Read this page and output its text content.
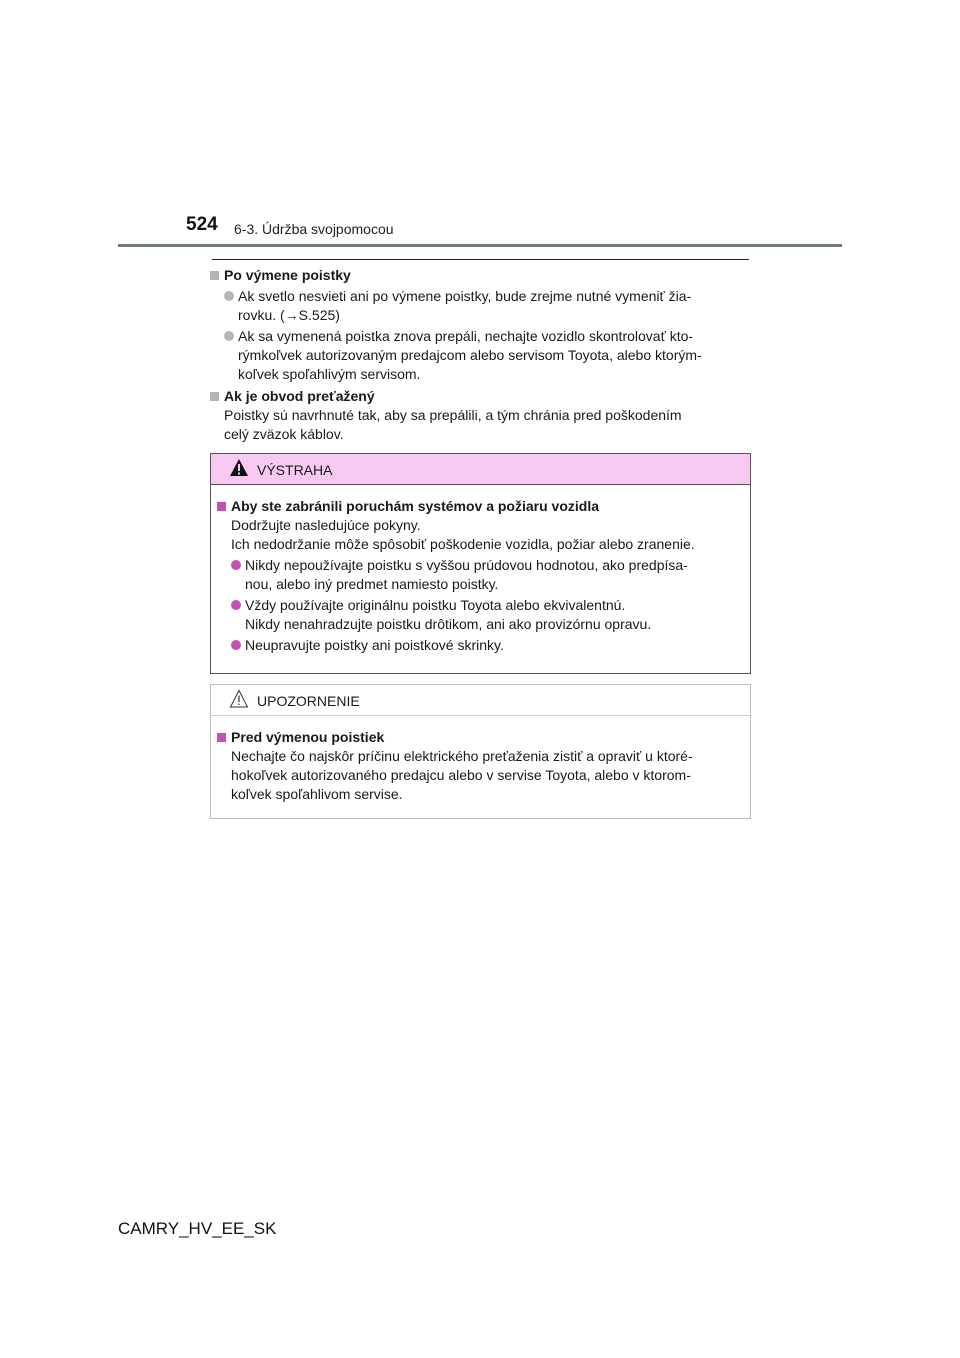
524 6-3. Údržba svojpomocou
Po výmene poistky
Ak svetlo nesvieti ani po výmene poistky, bude zrejme nutné vymeniť žia-
rovku. (→S.525)
Ak sa vymenená poistka znova prepáli, nechajte vozidlo skontrolovať kto-
rýmkoľvek autorizovaným predajcom alebo servisom Toyota, alebo ktorým-
koľvek spoľahlivým servisom.
Ak je obvod preťažený
Poistky sú navrhnuté tak, aby sa prepálili, a tým chránia pred poškodením
celý zväzok káblov.
VÝSTRAHA
Aby ste zabránili poruchám systémov a požiaru vozidla
Dodržujte nasledujúce pokyny.
Ich nedodržanie môže spôsobiť poškodenie vozidla, požiar alebo zranenie.
Nikdy nepoužívajte poistku s vyššou prúdovou hodnotou, ako predpísa-
nou, alebo iný predmet namiesto poistky.
Vždy používajte originálnu poistku Toyota alebo ekvivalentnú.
Nikdy nenahradzujte poistku drôtikom, ani ako provizórnu opravu.
Neupravujte poistky ani poistkové skrinky.
UPOZORNENIE
Pred výmenou poistiek
Nechajte čo najskôr príčinu elektrického preťaženia zistiť a opraviť u ktoré-
hokoľvek autorizovaného predajcu alebo v servise Toyota, alebo v ktorom-
koľvek spoľahlivom servise.
CAMRY_HV_EE_SK
